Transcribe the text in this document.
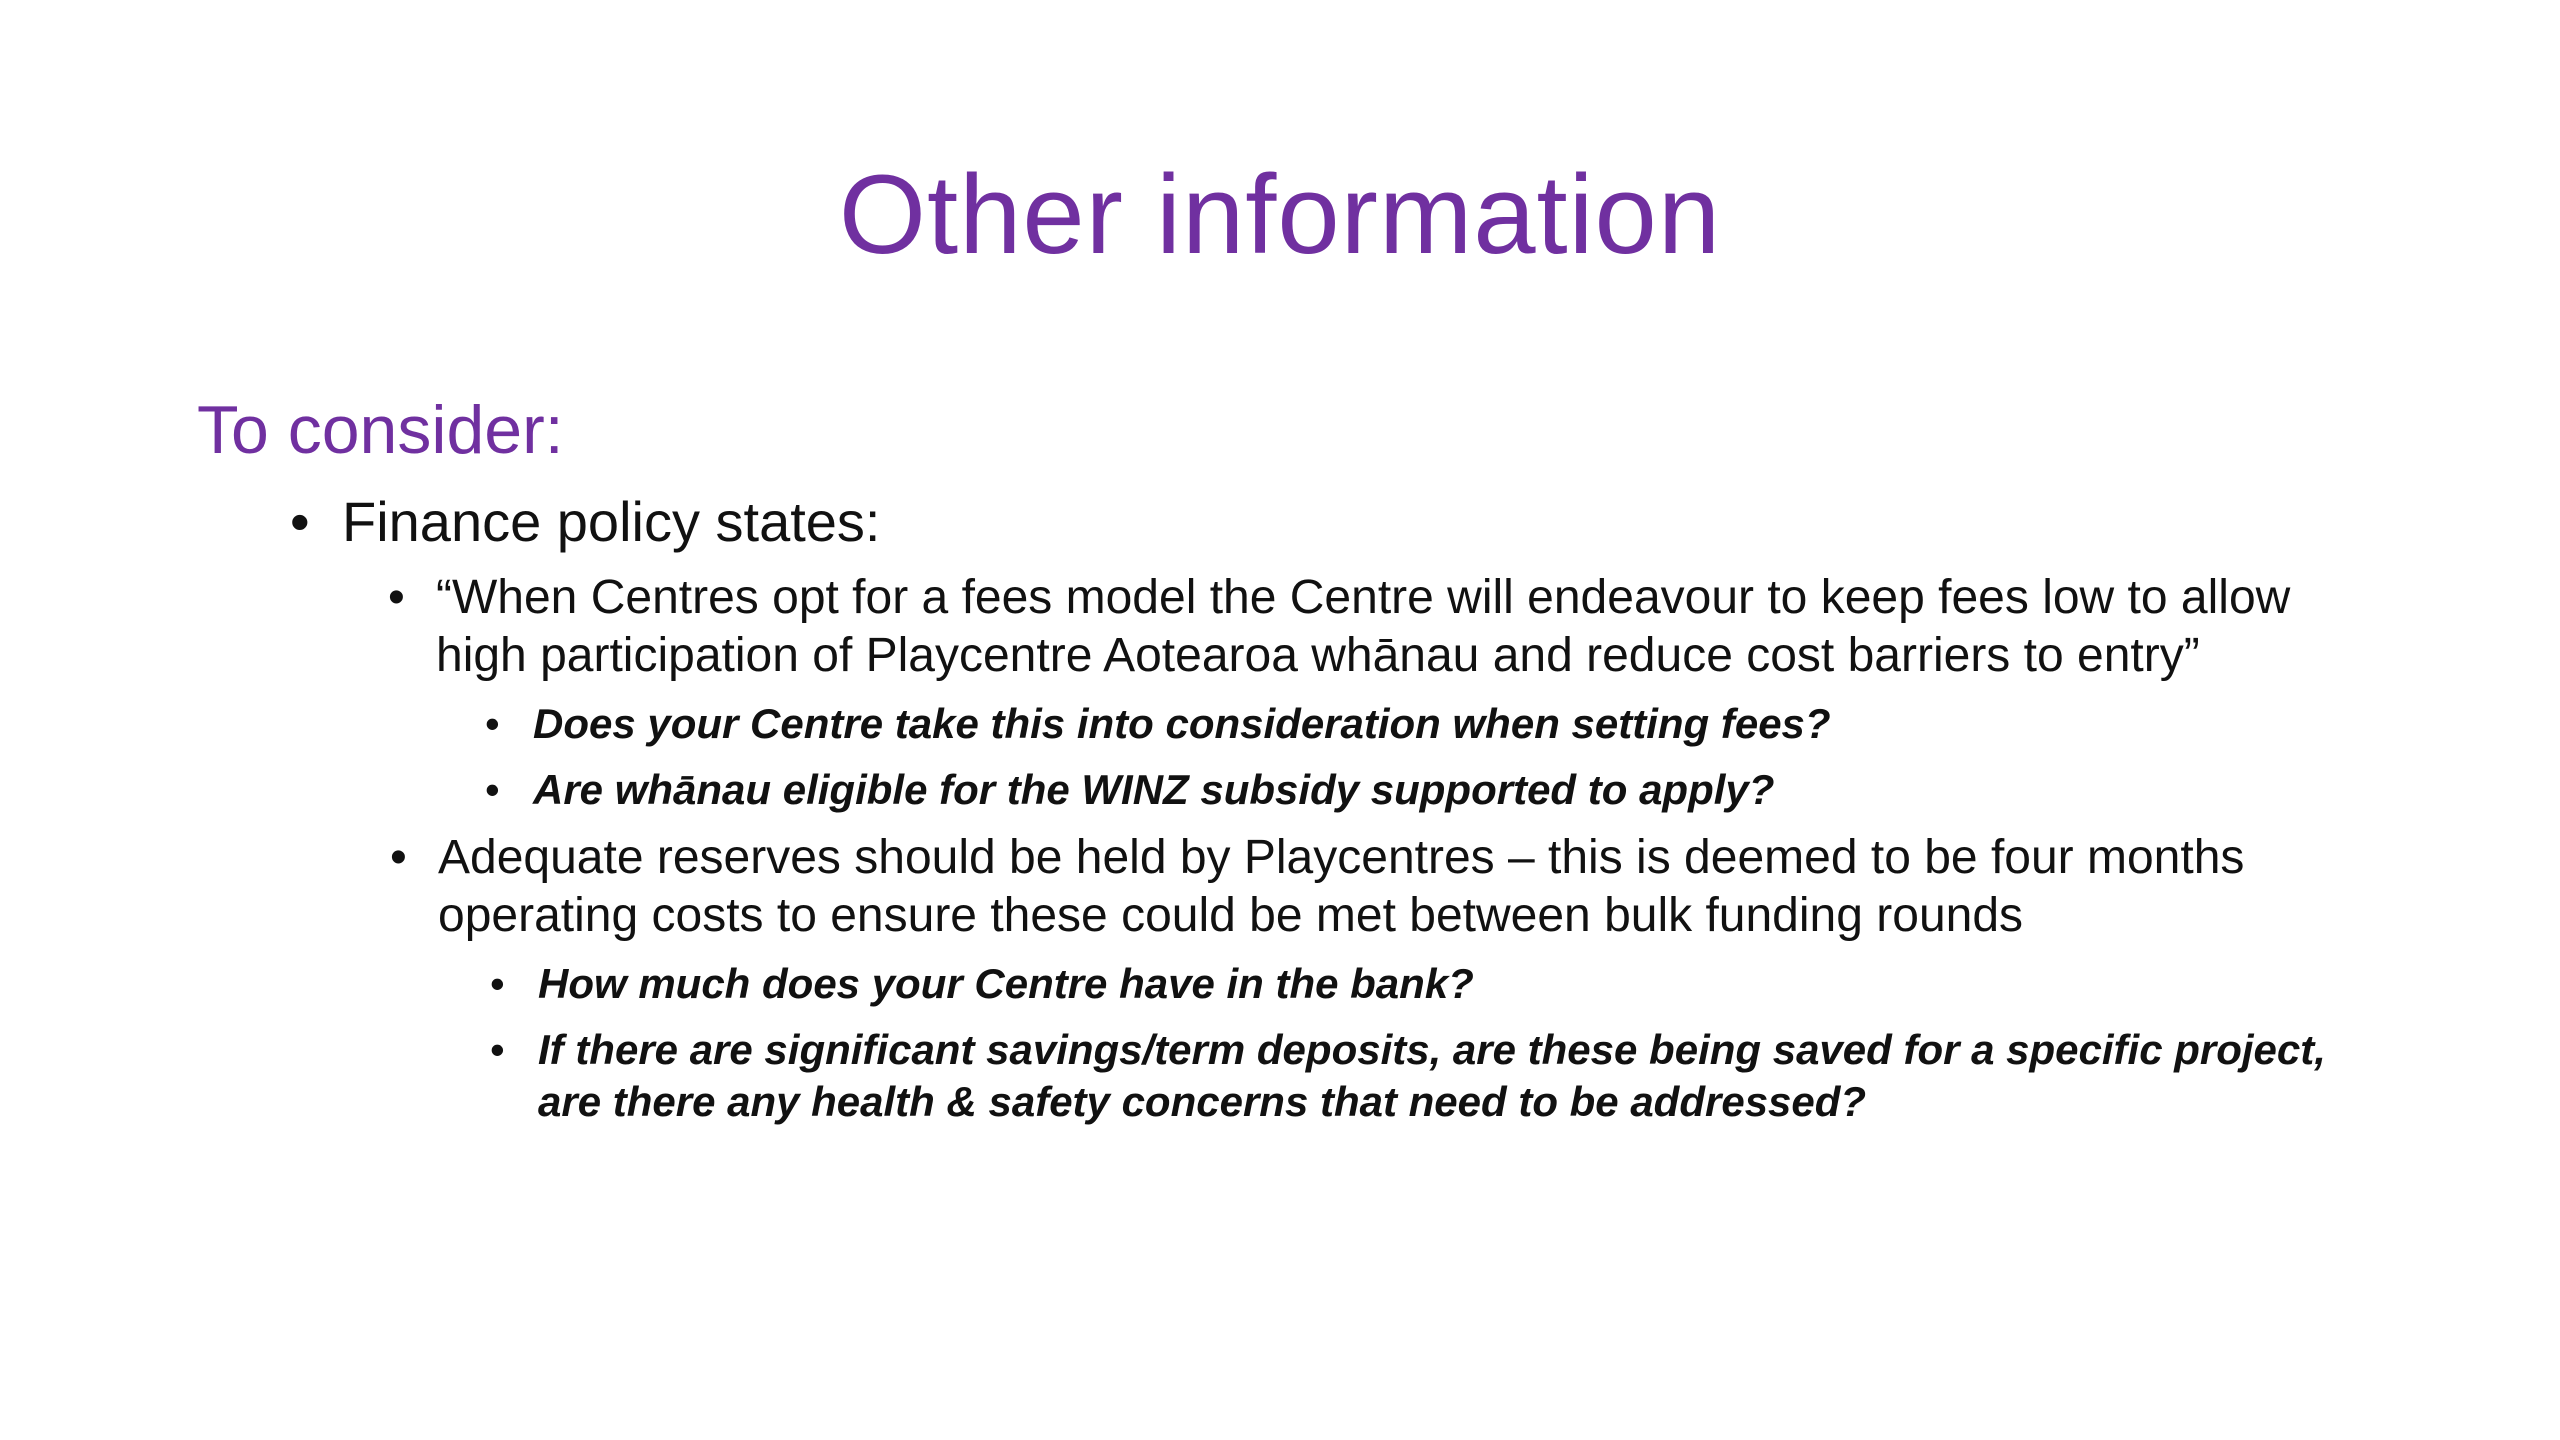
Other information
To consider:
• Finance policy states:
• “When Centres opt for a fees model the Centre will endeavour to keep fees low to allow high participation of Playcentre Aotearoa whānau and reduce cost barriers to entry”
• Does your Centre take this into consideration when setting fees?
• Are whānau eligible for the WINZ subsidy supported to apply?
• Adequate reserves should be held by Playcentres – this is deemed to be four months operating costs to ensure these could be met between bulk funding rounds
• How much does your Centre have in the bank?
• If there are significant savings/term deposits, are these being saved for a specific project, are there any health & safety concerns that need to be addressed?
